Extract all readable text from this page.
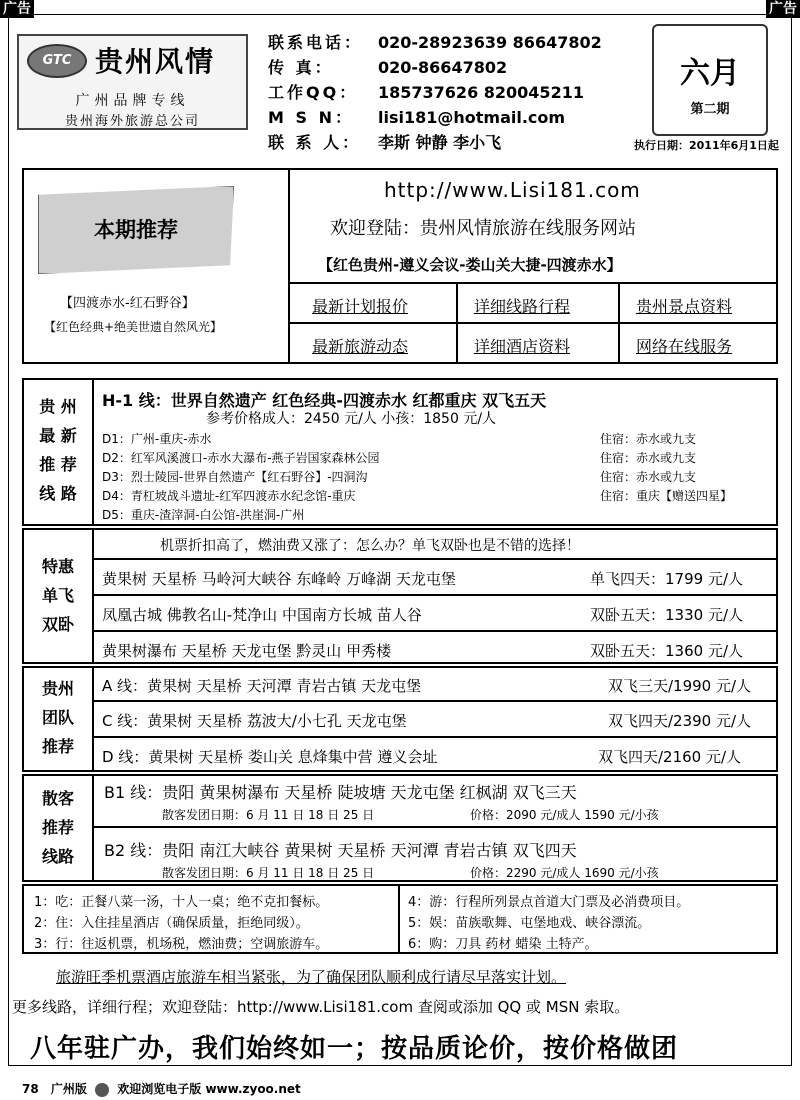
广告	广告
GTC 贵州风情
广州品牌专线
贵州海外旅游总公司
联系电话： 020-28923639 86647802
传 真：	020-86647802
工作QQ： 185737626 820045211
M S N： lisi181@hotmail.com
联 系 人： 李斯 钟静 李小飞
六月
第二期
执行日期：2011年6月1日起
本期推荐
【四渡赤水-红石野谷】
【红色经典+绝美世遗自然风光】
http://www.Lisi181.com
欢迎登陆：贵州风情旅游在线服务网站
【红色贵州-遵义会议-娄山关大捷-四渡赤水】
最新计划报价	详细线路行程	贵州景点资料
最新旅游动态	详细酒店资料	网络在线服务
贵 州
最 新
推 荐
线 路
H-1 线：世界自然遗产 红色经典-四渡赤水 红都重庆 双飞五天
参考价格成人：2450 元/人 小孩：1850 元/人
D1：广州-重庆-赤水	住宿：赤水或九支
D2：红军风溪渡口-赤水大瀑布-燕子岩国家森林公园	住宿：赤水或九支
D3：烈士陵园-世界自然遗产【红石野谷】-四洞沟	住宿：赤水或九支
D4：青杠坡战斗遗址-红军四渡赤水纪念馆-重庆	住宿：重庆【赠送四星】
D5：重庆-渣滓洞-白公馆-洪崖洞-广州
特惠
单飞
双卧
机票折扣高了，燃油费又涨了：怎么办？单飞双卧也是不错的选择！
黄果树 天星桥 马岭河大峡谷 东峰岭 万峰湖 天龙屯堡	单飞四天：1799 元/人
凤凰古城 佛教名山-梵净山 中国南方长城 苗人谷	双卧五天：1330 元/人
黄果树瀑布 天星桥 天龙屯堡 黔灵山 甲秀楼	双卧五天：1360 元/人
贵州
团队
推荐
A 线：黄果树 天星桥 天河潭 青岩古镇 天龙屯堡	双飞三天/1990 元/人
C 线：黄果树 天星桥 荔波大/小七孔 天龙屯堡	双飞四天/2390 元/人
D 线：黄果树 天星桥 娄山关 息烽集中营 遵义会址	双飞四天/2160 元/人
散客
推荐
线路
B1 线：贵阳 黄果树瀑布 天星桥 陡坡塘 天龙屯堡 红枫湖 双飞三天
散客发团日期：6 月 11 日 18 日 25 日	价格：2090 元/成人 1590 元/小孩
B2 线：贵阳 南江大峡谷 黄果树 天星桥 天河潭 青岩古镇 双飞四天
散客发团日期：6 月 11 日 18 日 25 日	价格：2290 元/成人 1690 元/小孩
1：吃：正餐八菜一汤，十人一桌；绝不克扣餐标。
2：住：入住挂星酒店（确保质量，拒绝同级）。
3：行：往返机票，机场税，燃油费；空调旅游车。
4：游：行程所列景点首道大门票及必消费项目。
5：娱：苗族歌舞、屯堡地戏、峡谷漂流。
6：购：刀具 药材 蜡染 土特产。
旅游旺季机票酒店旅游车相当紧张，为了确保团队顺利成行请尽早落实计划。
更多线路，详细行程；欢迎登陆：http://www.Lisi181.com 查阅或添加 QQ 或 MSN 索取。
八年驻广办，我们始终如一；按品质论价，按价格做团
78 广州版	欢迎浏览电子版 www.zyoo.net
